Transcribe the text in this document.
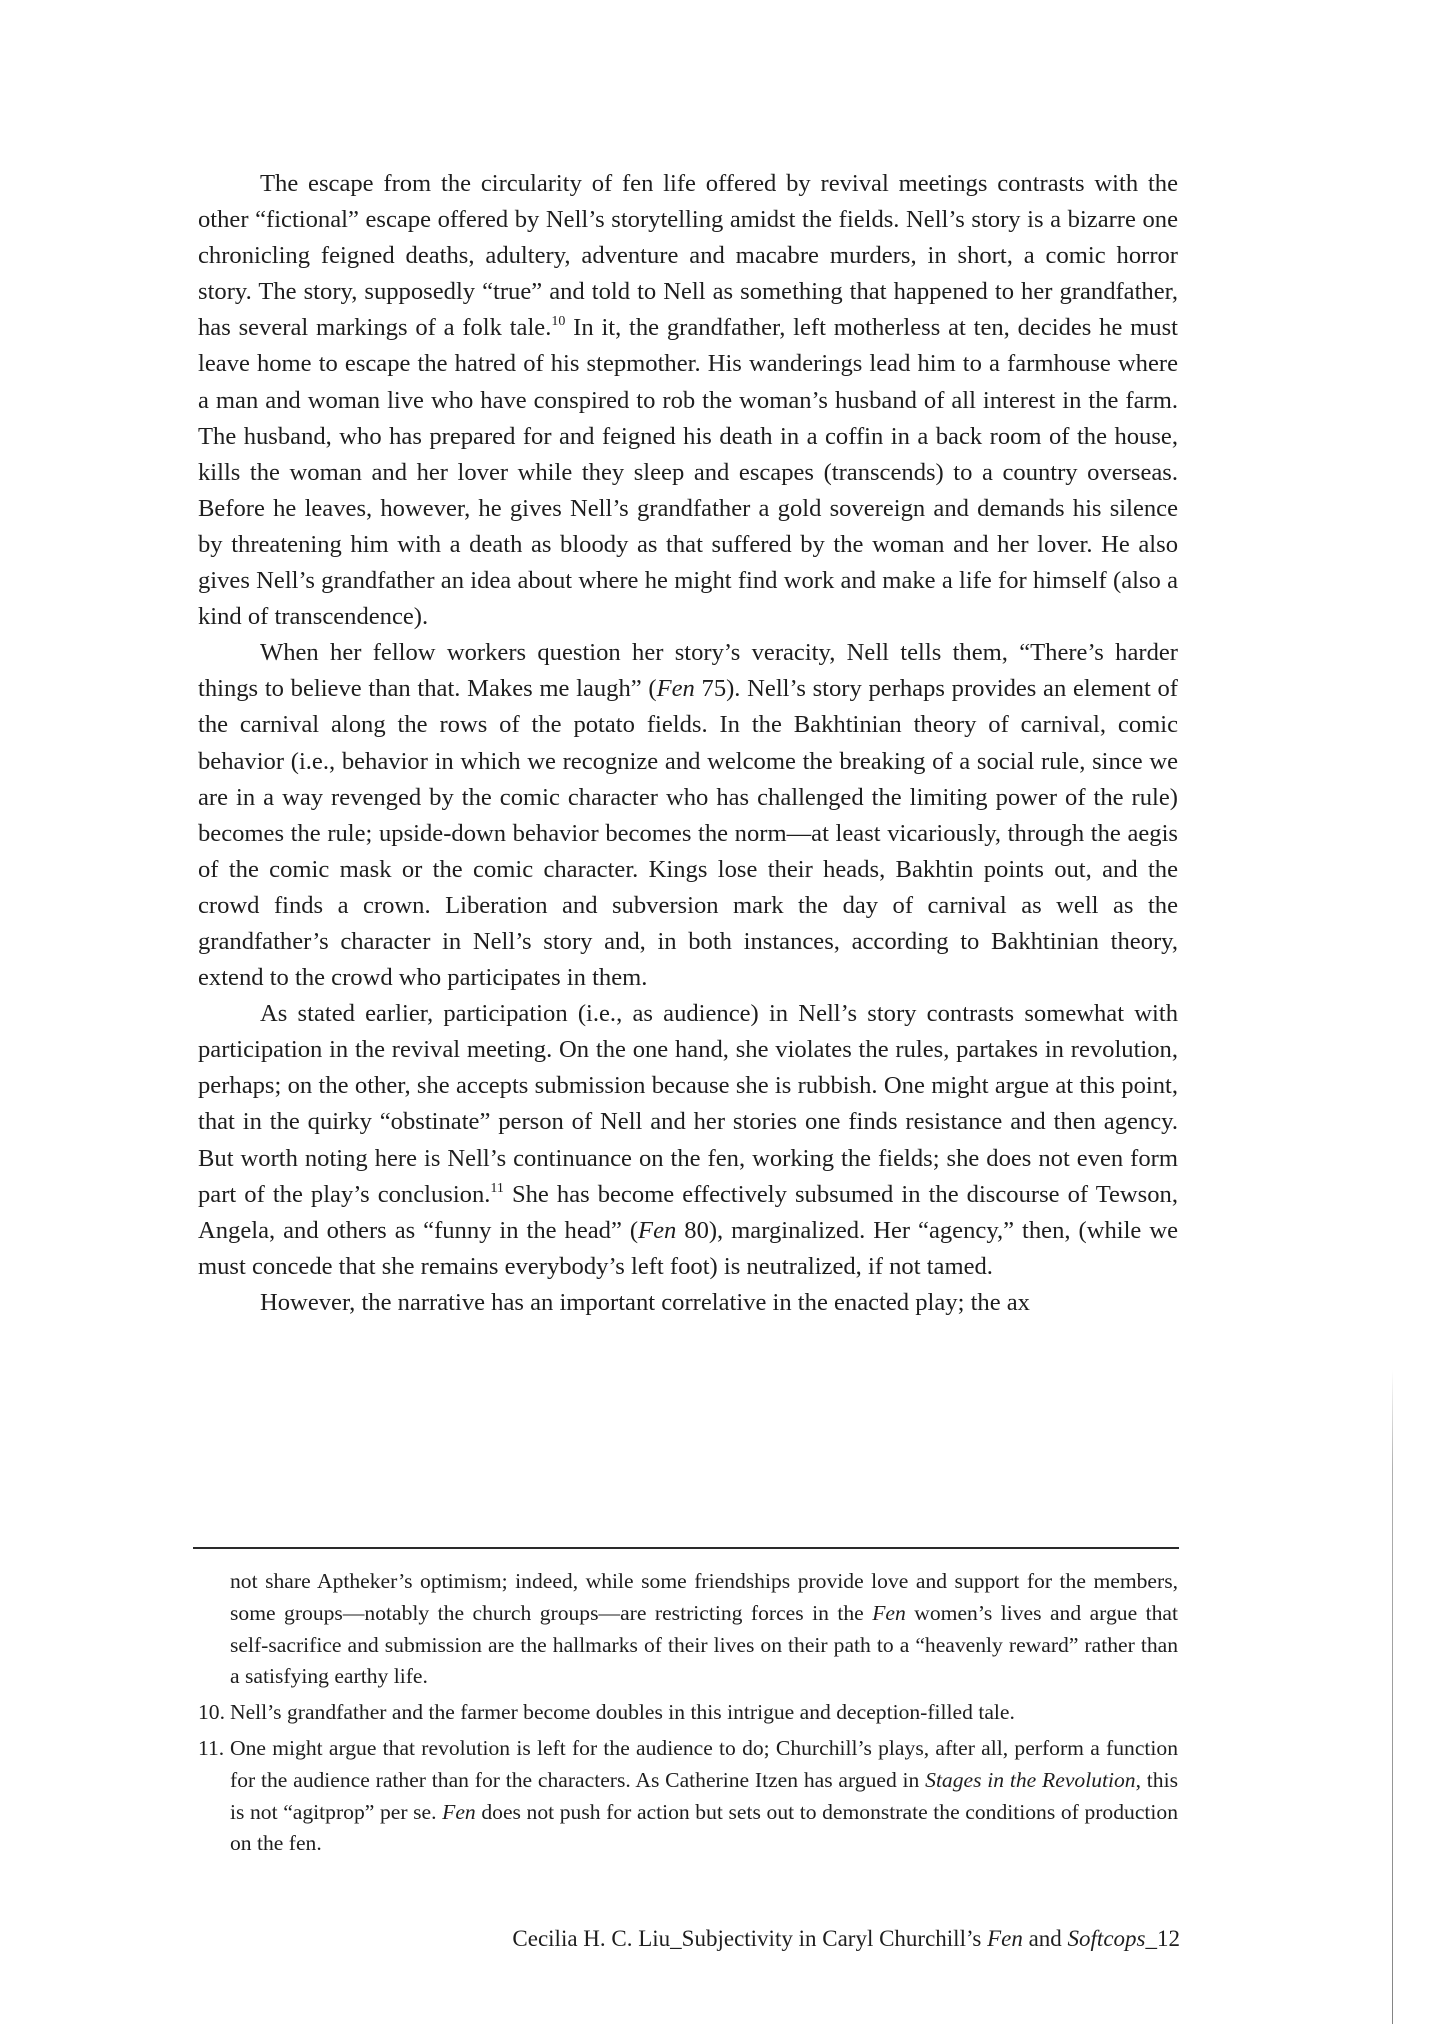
The escape from the circularity of fen life offered by revival meetings contrasts with the other “fictional” escape offered by Nell’s storytelling amidst the fields. Nell’s story is a bizarre one chronicling feigned deaths, adultery, adventure and macabre murders, in short, a comic horror story. The story, supposedly “true” and told to Nell as something that happened to her grandfather, has several markings of a folk tale.$^{10}$ In it, the grandfather, left motherless at ten, decides he must leave home to escape the hatred of his stepmother. His wanderings lead him to a farmhouse where a man and woman live who have conspired to rob the woman’s husband of all interest in the farm. The husband, who has prepared for and feigned his death in a coffin in a back room of the house, kills the woman and her lover while they sleep and escapes (transcends) to a country overseas. Before he leaves, however, he gives Nell’s grandfather a gold sovereign and demands his silence by threatening him with a death as bloody as that suffered by the woman and her lover. He also gives Nell’s grandfather an idea about where he might find work and make a life for himself (also a kind of transcendence).

When her fellow workers question her story’s veracity, Nell tells them, “There’s harder things to believe than that. Makes me laugh” (Fen 75). Nell’s story perhaps provides an element of the carnival along the rows of the potato fields. In the Bakhtinian theory of carnival, comic behavior (i.e., behavior in which we recognize and welcome the breaking of a social rule, since we are in a way revenged by the comic character who has challenged the limiting power of the rule) becomes the rule; upside-down behavior becomes the norm—at least vicariously, through the aegis of the comic mask or the comic character. Kings lose their heads, Bakhtin points out, and the crowd finds a crown. Liberation and subversion mark the day of carnival as well as the grandfather’s character in Nell’s story and, in both instances, according to Bakhtinian theory, extend to the crowd who participates in them.

As stated earlier, participation (i.e., as audience) in Nell’s story contrasts somewhat with participation in the revival meeting. On the one hand, she violates the rules, partakes in revolution, perhaps; on the other, she accepts submission because she is rubbish. One might argue at this point, that in the quirky “obstinate” person of Nell and her stories one finds resistance and then agency. But worth noting here is Nell’s continuance on the fen, working the fields; she does not even form part of the play’s conclusion.$^{11}$ She has become effectively subsumed in the discourse of Tewson, Angela, and others as “funny in the head” (Fen 80), marginalized. Her “agency,” then, (while we must concede that she remains everybody’s left foot) is neutralized, if not tamed.

However, the narrative has an important correlative in the enacted play; the ax

not share Aptheker’s optimism; indeed, while some friendships provide love and support for the members, some groups—notably the church groups—are restricting forces in the Fen women’s lives and argue that self-sacrifice and submission are the hallmarks of their lives on their path to a “heavenly reward” rather than a satisfying earthy life.

10. Nell’s grandfather and the farmer become doubles in this intrigue and deception-filled tale.

11. One might argue that revolution is left for the audience to do; Churchill’s plays, after all, perform a function for the audience rather than for the characters. As Catherine Itzen has argued in Stages in the Revolution, this is not “agitprop” per se. Fen does not push for action but sets out to demonstrate the conditions of production on the fen.

Cecilia H. C. Liu_Subjectivity in Caryl Churchill’s Fen and Softcops_12
